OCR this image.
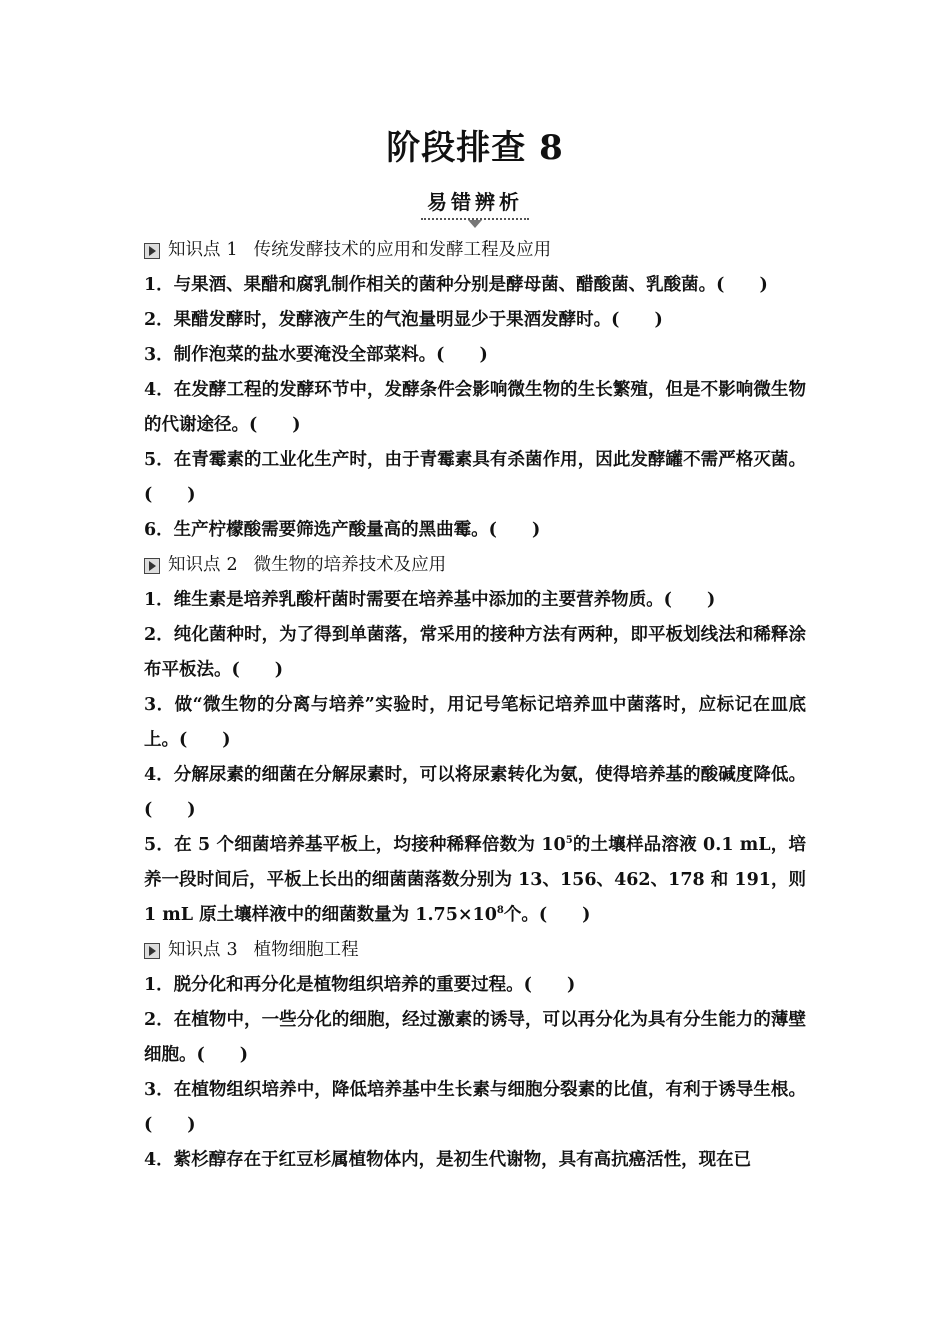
阶段排查 8
易错辨析
知识点 1 传统发酵技术的应用和发酵工程及应用

1．与果酒、果醋和腐乳制作相关的菌种分别是酵母菌、醋酸菌、乳酸菌。(　　)

2．果醋发酵时，发酵液产生的气泡量明显少于果酒发酵时。(　　)

3．制作泡菜的盐水要淹没全部菜料。(　　)

4．在发酵工程的发酵环节中，发酵条件会影响微生物的生长繁殖，但是不影响微生物的代谢途径。(　　)

5．在青霉素的工业化生产时，由于青霉素具有杀菌作用，因此发酵罐不需严格灭菌。(　　)

6．生产柠檬酸需要筛选产酸量高的黑曲霉。(　　)

知识点 2 微生物的培养技术及应用

1．维生素是培养乳酸杆菌时需要在培养基中添加的主要营养物质。(　　)

2．纯化菌种时，为了得到单菌落，常采用的接种方法有两种，即平板划线法和稀释涂布平板法。(　　)

3．做“微生物的分离与培养”实验时，用记号笔标记培养皿中菌落时，应标记在皿底上。(　　)

4．分解尿素的细菌在分解尿素时，可以将尿素转化为氨，使得培养基的酸碱度降低。(　　)

5．在 5 个细菌培养基平板上，均接种稀释倍数为 $10^5$的土壤样品溶液 0.1 mL，培养一段时间后，平板上长出的细菌菌落数分别为 13、156、462、178 和 191，则 1 mL 原土壤样液中的细菌数量为 $1.75\times 10^8$个。(　　)

知识点 3 植物细胞工程

1．脱分化和再分化是植物组织培养的重要过程。(　　)

2．在植物中，一些分化的细胞，经过激素的诱导，可以再分化为具有分生能力的薄壁细胞。(　　)

3．在植物组织培养中，降低培养基中生长素与细胞分裂素的比值，有利于诱导生根。(　　)

4．紫杉醇存在于红豆杉属植物体内，是初生代谢物，具有高抗癌活性，现在已
